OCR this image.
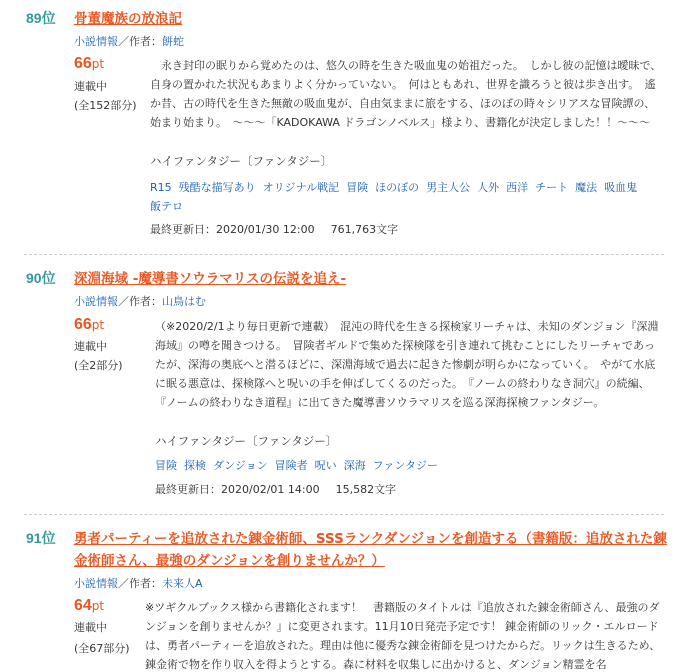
89位	骨董魔族の放浪記
小説情報／作者：餅蛇
66pt
連載中
(全152部分)

　永き封印の眠りから覚めたのは、悠久の時を生きた吸血鬼の始祖だった。　しかし彼の記憶は曖昧で、自身の置かれた状況もあまりよく分かっていない。　何はともあれ、世界を識ろうと彼は歩き出す。　遙か昔、古の時代を生きた無敵の吸血鬼が、自由気ままに旅をする、ほのぼの時々シリアスな冒険譚の、始まり始まり。　～～～「KADOKAWA ドラゴンノベルス」様より、書籍化が決定しました！！～～～

ハイファンタジー〔ファンタジー〕
R15 残酷な描写あり オリジナル戦記 冒険 ほのぼの 男主人公 人外 西洋 チート 魔法 吸血鬼
飯テロ
最終更新日：2020/01/30 12:00 761,763文字
90位	深淵海域 -魔導書ソウラマリスの伝説を追え-
小説情報／作者：山鳥はむ
66pt
連載中
(全2部分)

（※2020/2/1より毎日更新で連載）　混沌の時代を生きる探検家リーチャは、未知のダンジョン『深淵海域』の噂を聞きつける。　冒険者ギルドで集めた探検隊を引き連れて挑むことにしたリーチャであったが、深海の奥底へと潜るほどに、深淵海域で過去に起きた惨劇が明らかになっていく。　やがて水底に眠る悪意は、探検隊へと呪いの手を伸ばしてくるのだった。　『ノームの終わりなき洞穴』の続編、『ノームの終わりなき道程』に出てきた魔導書ソウラマリスを巡る深海探検ファンタジー。

ハイファンタジー〔ファンタジー〕
冒険 探検 ダンジョン 冒険者 呪い 深海 ファンタジー
最終更新日：2020/02/01 14:00 15,582文字
91位	勇者パーティーを追放された錬金術師、SSSランクダンジョンを創造する（書籍版：追放された錬金術師さん、最強のダンジョンを創りませんか？）
小説情報／作者：未来人A
64pt
連載中
(全67部分)

※ツギクルブックス様から書籍化されます！　書籍版のタイトルは『追放された錬金術師さん、最強のダンジョンを創りませんか？』に変更されます。11月10日発売予定です！ 錬金術師のリック・エルロードは、勇者パーティーを追放された。理由は他に優秀な錬金術師を見つけたからだ。リックは生きるため、錬金術で物を作り収入を得ようとする。森に材料を収集しに出かけると、ダンジョン精霊を名
